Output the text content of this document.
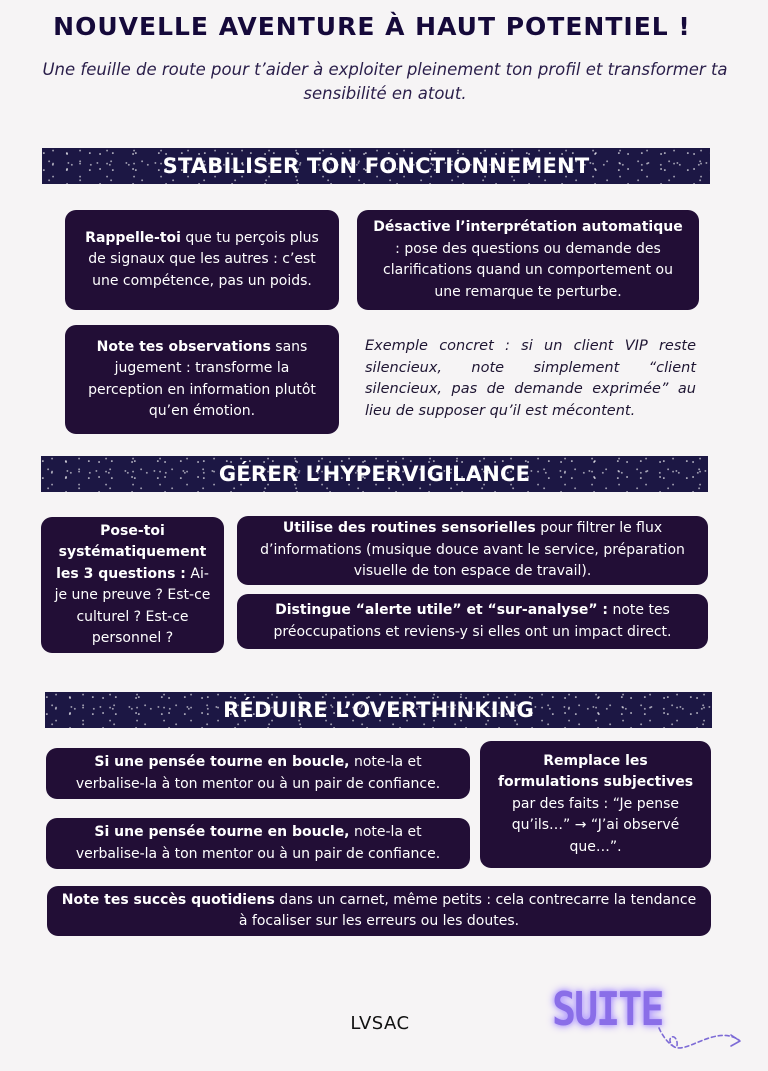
NOUVELLE AVENTURE À HAUT POTENTIEL !
Une feuille de route pour t’aider à exploiter pleinement ton profil et transformer ta sensibilité en atout.
STABILISER TON FONCTIONNEMENT
Rappelle-toi que tu perçois plus de signaux que les autres : c’est une compétence, pas un poids.
Désactive l’interprétation automatique : pose des questions ou demande des clarifications quand un comportement ou une remarque te perturbe.
Note tes observations sans jugement : transforme la perception en information plutôt qu’en émotion.
Exemple concret : si un client VIP reste silencieux, note simplement “client silencieux, pas de demande exprimée” au lieu de supposer qu’il est mécontent.
GÉRER L’HYPERVIGILANCE
Pose-toi systématiquement les 3 questions : Ai-je une preuve ? Est-ce culturel ? Est-ce personnel ?
Utilise des routines sensorielles pour filtrer le flux d’informations (musique douce avant le service, préparation visuelle de ton espace de travail).
Distingue “alerte utile” et “sur-analyse” : note tes préoccupations et reviens-y si elles ont un impact direct.
RÉDUIRE L’OVERTHINKING
Si une pensée tourne en boucle, note-la et verbalise-la à ton mentor ou à un pair de confiance.
Remplace les formulations subjectives par des faits : “Je pense qu’ils…” → “J’ai observé que…”.
Si une pensée tourne en boucle, note-la et verbalise-la à ton mentor ou à un pair de confiance.
Note tes succès quotidiens dans un carnet, même petits : cela contrecarre la tendance à focaliser sur les erreurs ou les doutes.
LVSAC	SUITE
